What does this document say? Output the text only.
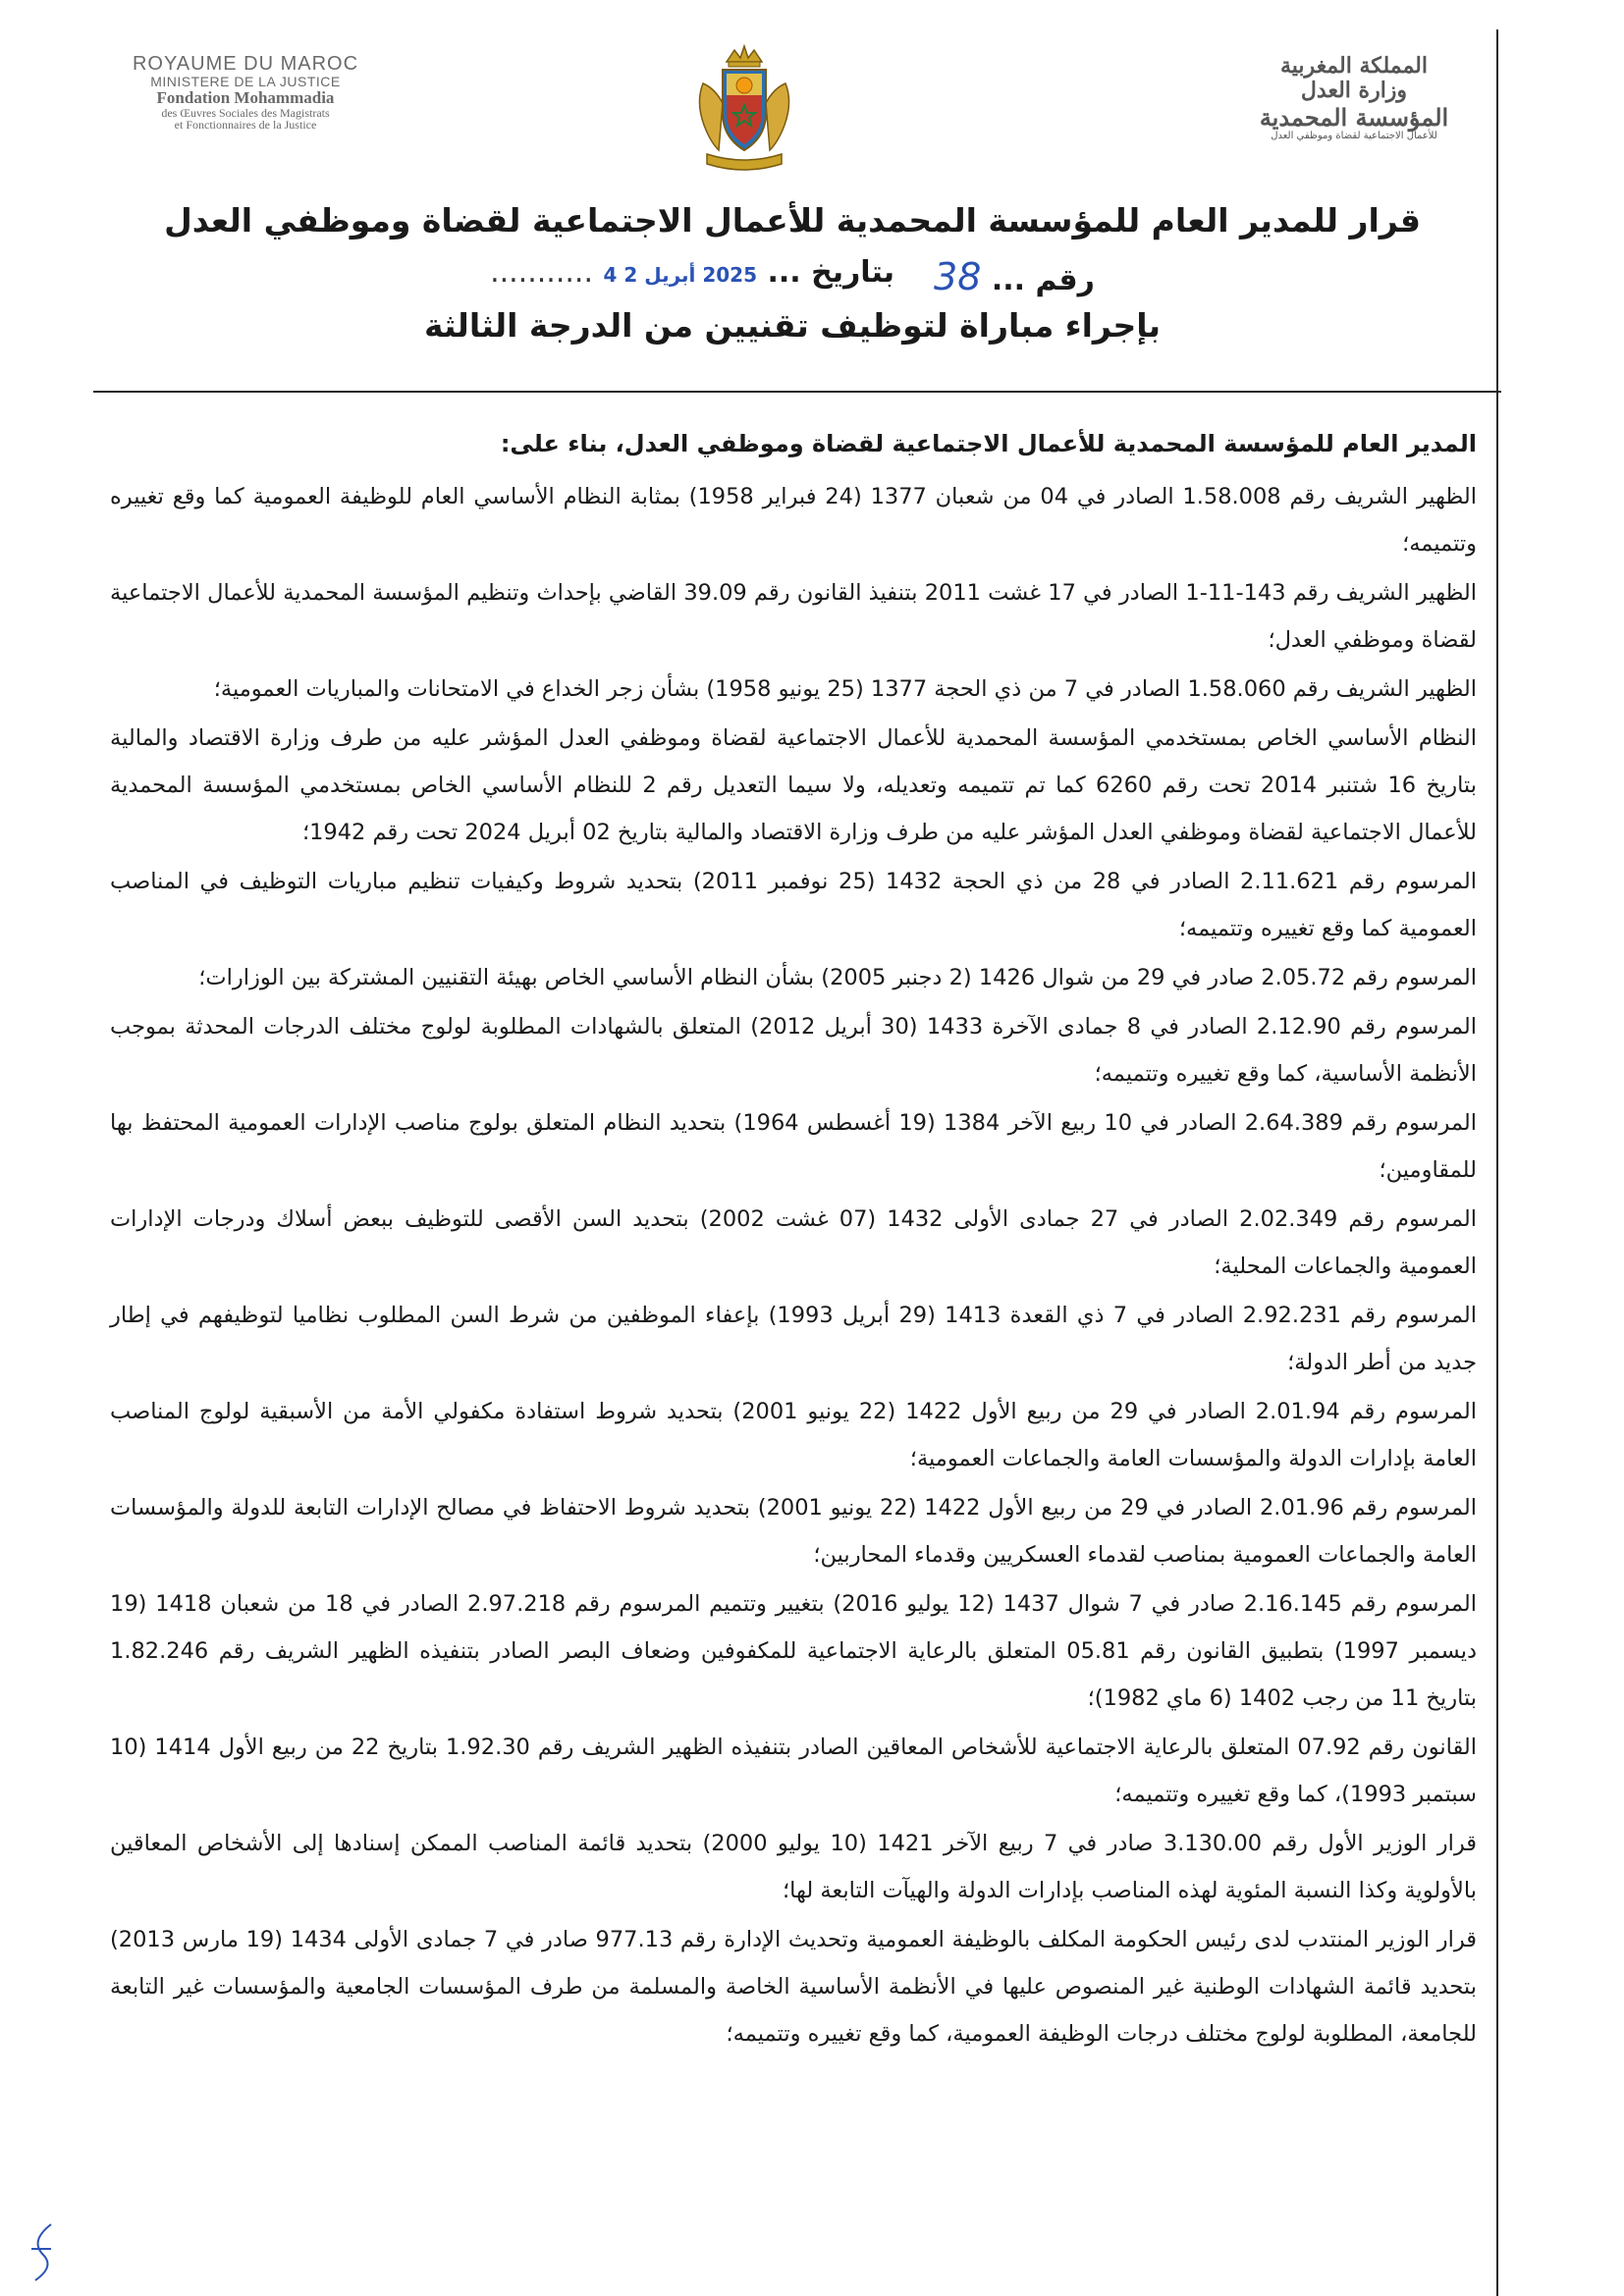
ROYAUME DU MAROC
MINISTERE DE LA JUSTICE
Fondation Mohammadia
des Œuvres Sociales des Magistrats
et Fonctionnaires de la Justice
المملكة المغربية
وزارة العدل
المؤسسة المحمدية
للأعمال الاجتماعية لقضاة وموظفي العدل
قرار للمدير العام للمؤسسة المحمدية للأعمال الاجتماعية لقضاة وموظفي العدل
رقم ... 38
بتاريخ ... 2025 أبريل 2 4 ...........
بإجراء مباراة لتوظيف تقنيين من الدرجة الثالثة
المدير العام للمؤسسة المحمدية للأعمال الاجتماعية لقضاة وموظفي العدل، بناء على:

الظهير الشريف رقم 1.58.008 الصادر في 04 من شعبان 1377 (24 فبراير 1958) بمثابة النظام الأساسي العام للوظيفة العمومية كما وقع تغييره وتتميمه؛

الظهير الشريف رقم 143-11-1 الصادر في 17 غشت 2011 بتنفيذ القانون رقم 39.09 القاضي بإحداث وتنظيم المؤسسة المحمدية للأعمال الاجتماعية لقضاة وموظفي العدل؛

الظهير الشريف رقم 1.58.060 الصادر في 7 من ذي الحجة 1377 (25 يونيو 1958) بشأن زجر الخداع في الامتحانات والمباريات العمومية؛

النظام الأساسي الخاص بمستخدمي المؤسسة المحمدية للأعمال الاجتماعية لقضاة وموظفي العدل المؤشر عليه من طرف وزارة الاقتصاد والمالية بتاريخ 16 شتنبر 2014 تحت رقم 6260 كما تم تتميمه وتعديله، ولا سيما التعديل رقم 2 للنظام الأساسي الخاص بمستخدمي المؤسسة المحمدية للأعمال الاجتماعية لقضاة وموظفي العدل المؤشر عليه من طرف وزارة الاقتصاد والمالية بتاريخ 02 أبريل 2024 تحت رقم 1942؛

المرسوم رقم 2.11.621 الصادر في 28 من ذي الحجة 1432 (25 نوفمبر 2011) بتحديد شروط وكيفيات تنظيم مباريات التوظيف في المناصب العمومية كما وقع تغييره وتتميمه؛

المرسوم رقم 2.05.72 صادر في 29 من شوال 1426 (2 دجنبر 2005) بشأن النظام الأساسي الخاص بهيئة التقنيين المشتركة بين الوزارات؛

المرسوم رقم 2.12.90 الصادر في 8 جمادى الآخرة 1433 (30 أبريل 2012) المتعلق بالشهادات المطلوبة لولوج مختلف الدرجات المحدثة بموجب الأنظمة الأساسية، كما وقع تغييره وتتميمه؛

المرسوم رقم 2.64.389 الصادر في 10 ربيع الآخر 1384 (19 أغسطس 1964) بتحديد النظام المتعلق بولوج مناصب الإدارات العمومية المحتفظ بها للمقاومين؛

المرسوم رقم 2.02.349 الصادر في 27 جمادى الأولى 1432 (07 غشت 2002) بتحديد السن الأقصى للتوظيف ببعض أسلاك ودرجات الإدارات العمومية والجماعات المحلية؛

المرسوم رقم 2.92.231 الصادر في 7 ذي القعدة 1413 (29 أبريل 1993) بإعفاء الموظفين من شرط السن المطلوب نظاميا لتوظيفهم في إطار جديد من أطر الدولة؛

المرسوم رقم 2.01.94 الصادر في 29 من ربيع الأول 1422 (22 يونيو 2001) بتحديد شروط استفادة مكفولي الأمة من الأسبقية لولوج المناصب العامة بإدارات الدولة والمؤسسات العامة والجماعات العمومية؛

المرسوم رقم 2.01.96 الصادر في 29 من ربيع الأول 1422 (22 يونيو 2001) بتحديد شروط الاحتفاظ في مصالح الإدارات التابعة للدولة والمؤسسات العامة والجماعات العمومية بمناصب لقدماء العسكريين وقدماء المحاربين؛

المرسوم رقم 2.16.145 صادر في 7 شوال 1437 (12 يوليو 2016) بتغيير وتتميم المرسوم رقم 2.97.218 الصادر في 18 من شعبان 1418 (19 ديسمبر 1997) بتطبيق القانون رقم 05.81 المتعلق بالرعاية الاجتماعية للمكفوفين وضعاف البصر الصادر بتنفيذه الظهير الشريف رقم 1.82.246 بتاريخ 11 من رجب 1402 (6 ماي 1982)؛

القانون رقم 07.92 المتعلق بالرعاية الاجتماعية للأشخاص المعاقين الصادر بتنفيذه الظهير الشريف رقم 1.92.30 بتاريخ 22 من ربيع الأول 1414 (10 سبتمبر 1993)، كما وقع تغييره وتتميمه؛

قرار الوزير الأول رقم 3.130.00 صادر في 7 ربيع الآخر 1421 (10 يوليو 2000) بتحديد قائمة المناصب الممكن إسنادها إلى الأشخاص المعاقين بالأولوية وكذا النسبة المئوية لهذه المناصب بإدارات الدولة والهيآت التابعة لها؛

قرار الوزير المنتدب لدى رئيس الحكومة المكلف بالوظيفة العمومية وتحديث الإدارة رقم 977.13 صادر في 7 جمادى الأولى 1434 (19 مارس 2013) بتحديد قائمة الشهادات الوطنية غير المنصوص عليها في الأنظمة الأساسية الخاصة والمسلمة من طرف المؤسسات الجامعية والمؤسسات غير التابعة للجامعة، المطلوبة لولوج مختلف درجات الوظيفة العمومية، كما وقع تغييره وتتميمه؛
